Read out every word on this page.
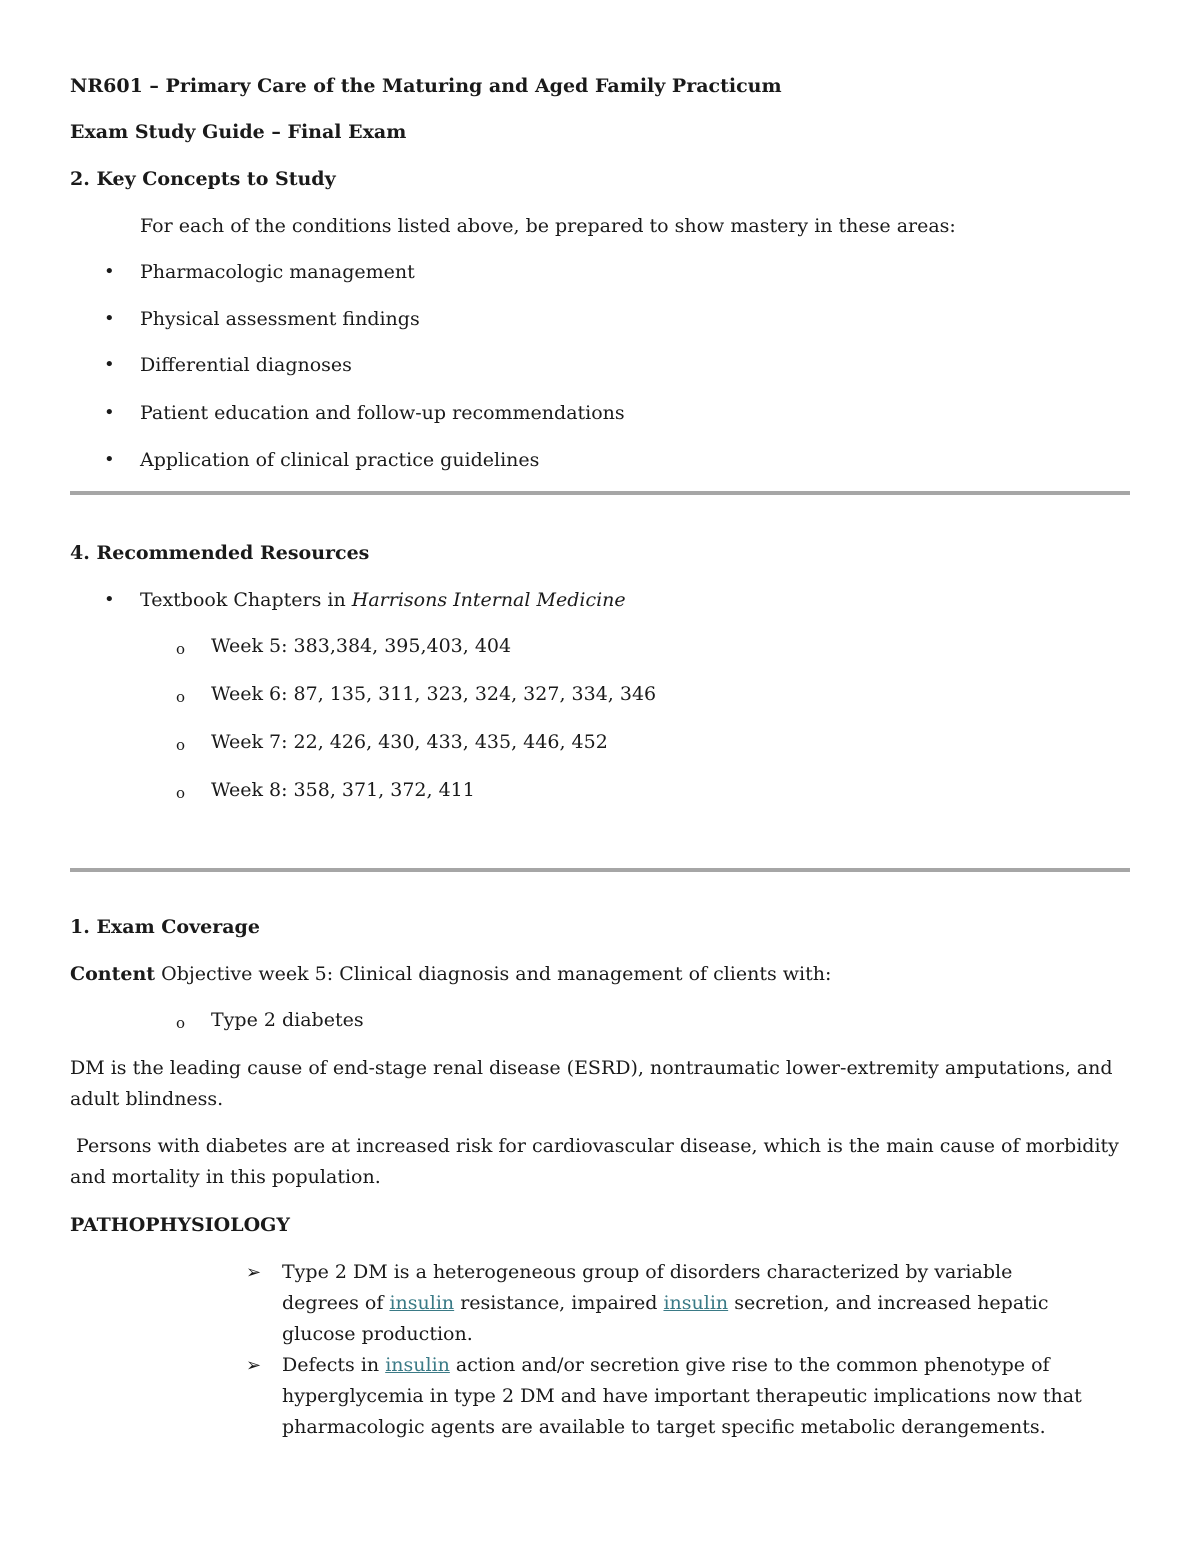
NR601 – Primary Care of the Maturing and Aged Family Practicum
Exam Study Guide – Final Exam
2. Key Concepts to Study
For each of the conditions listed above, be prepared to show mastery in these areas:
• Pharmacologic management
• Physical assessment findings
• Differential diagnoses
• Patient education and follow-up recommendations
• Application of clinical practice guidelines
4. Recommended Resources
• Textbook Chapters in Harrisons Internal Medicine
o Week 5: 383,384, 395,403, 404
o Week 6: 87, 135, 311, 323, 324, 327, 334, 346
o Week 7: 22, 426, 430, 433, 435, 446, 452
o Week 8: 358, 371, 372, 411
1. Exam Coverage
Content Objective week 5: Clinical diagnosis and management of clients with:
o Type 2 diabetes
DM is the leading cause of end-stage renal disease (ESRD), nontraumatic lower-extremity amputations, and adult blindness.
Persons with diabetes are at increased risk for cardiovascular disease, which is the main cause of morbidity and mortality in this population.
PATHOPHYSIOLOGY
➢ Type 2 DM is a heterogeneous group of disorders characterized by variable degrees of insulin resistance, impaired insulin secretion, and increased hepatic glucose production.
➢ Defects in insulin action and/or secretion give rise to the common phenotype of hyperglycemia in type 2 DM and have important therapeutic implications now that pharmacologic agents are available to target specific metabolic derangements.
